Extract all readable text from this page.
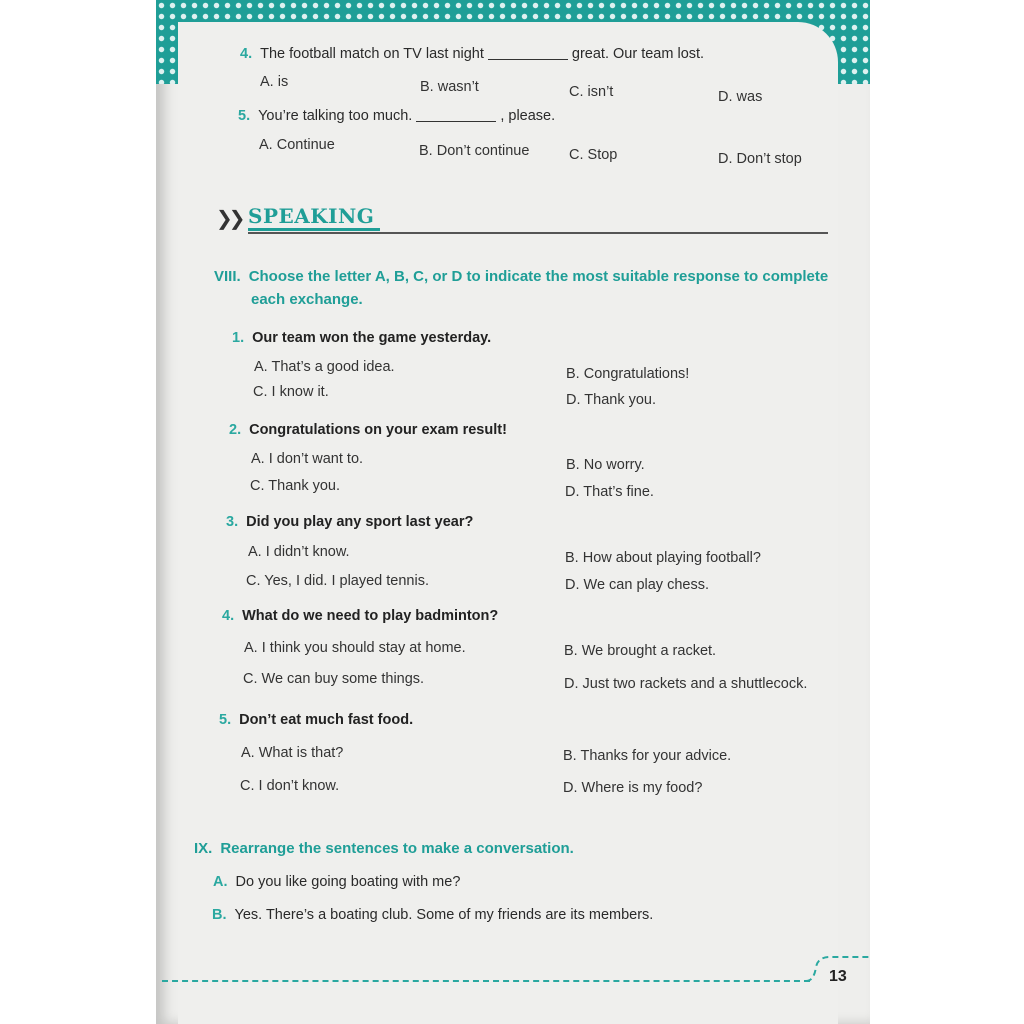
4. The football match on TV last night	great. Our team lost.
A. is	B. wasn’t	C. isn’t	D. was
5. You’re talking too much.	, please.
A. Continue	B. Don’t continue	C. Stop	D. Don’t stop
❯❯ SPEAKING
VIII. Choose the letter A, B, C, or D to indicate the most suitable response to complete
each exchange.
1. Our team won the game yesterday.
A. That’s a good idea.	B. Congratulations!
C. I know it.	D. Thank you.
2. Congratulations on your exam result!
A. I don’t want to.	B. No worry.
C. Thank you.	D. That’s fine.
3. Did you play any sport last year?
A. I didn’t know.	B. How about playing football?
C. Yes, I did. I played tennis.	D. We can play chess.
4. What do we need to play badminton?
A. I think you should stay at home.	B. We brought a racket.
C. We can buy some things.	D. Just two rackets and a shuttlecock.
5. Don’t eat much fast food.
A. What is that?	B. Thanks for your advice.
C. I don’t know.	D. Where is my food?
IX. Rearrange the sentences to make a conversation.
A. Do you like going boating with me?
B. Yes. There’s a boating club. Some of my friends are its members.
13
